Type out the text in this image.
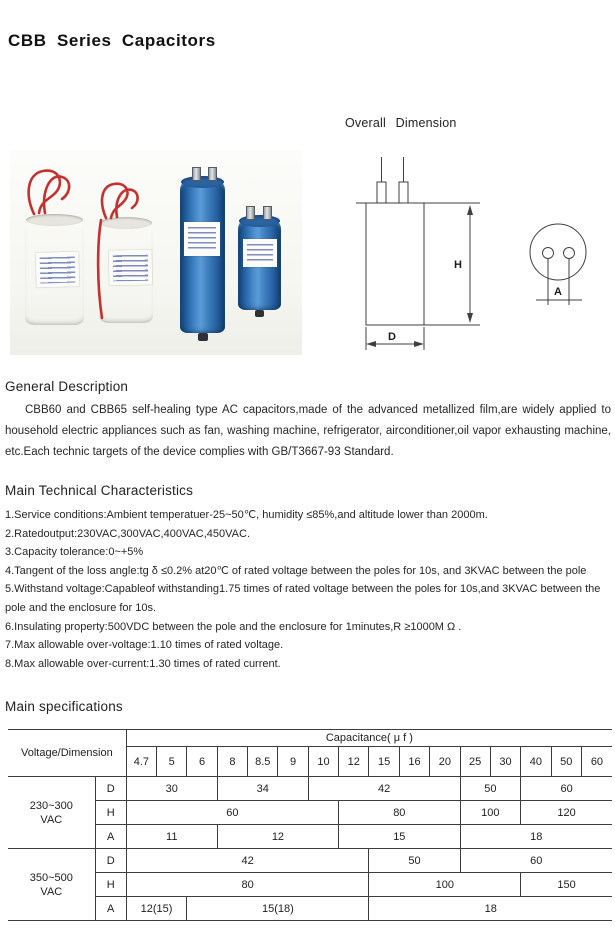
CBB Series Capacitors
Overall Dimension
H
D
A
General Description
CBB60 and CBB65 self-healing type AC capacitors,made of the advanced metallized film,are widely applied to household electric appliances such as fan, washing machine, refrigerator, airconditioner,oil vapor exhausting machine, etc.Each technic targets of the device complies with GB/T3667-93 Standard.
Main Technical Characteristics
1.Service conditions:Ambient temperatuer-25~50℃, humidity ≤85%,and altitude lower than 2000m.
2.Ratedoutput:230VAC,300VAC,400VAC,450VAC.
3.Capacity tolerance:0~+5%
4.Tangent of the loss angle:tg δ ≤0.2% at20℃ of rated voltage between the poles for 10s, and 3KVAC between the pole
5.Withstand voltage:Capableof withstanding1.75 times of rated voltage between the poles for 10s,and 3KVAC between the pole and the enclosure for 10s.
6.Insulating property:500VDC between the pole and the enclosure for 1minutes,R ≥1000M Ω .
7.Max allowable over-voltage:1.10 times of rated voltage.
8.Max allowable over-current:1.30 times of rated current.
Main specifications
Voltage/Dimension		Capacitance( μ f )															
		4.7	5	6	8	8.5	9	10	12	15	16	20	25	30	40	50	60

230~300
VAC	D	30			34			42					50		60		
	H	60							80				100		120		
	A	11			12				15				18				

350~500
VAC	D	42								50			60				
	H	80								100					150		
	A	12(15)		15(18)						18							
